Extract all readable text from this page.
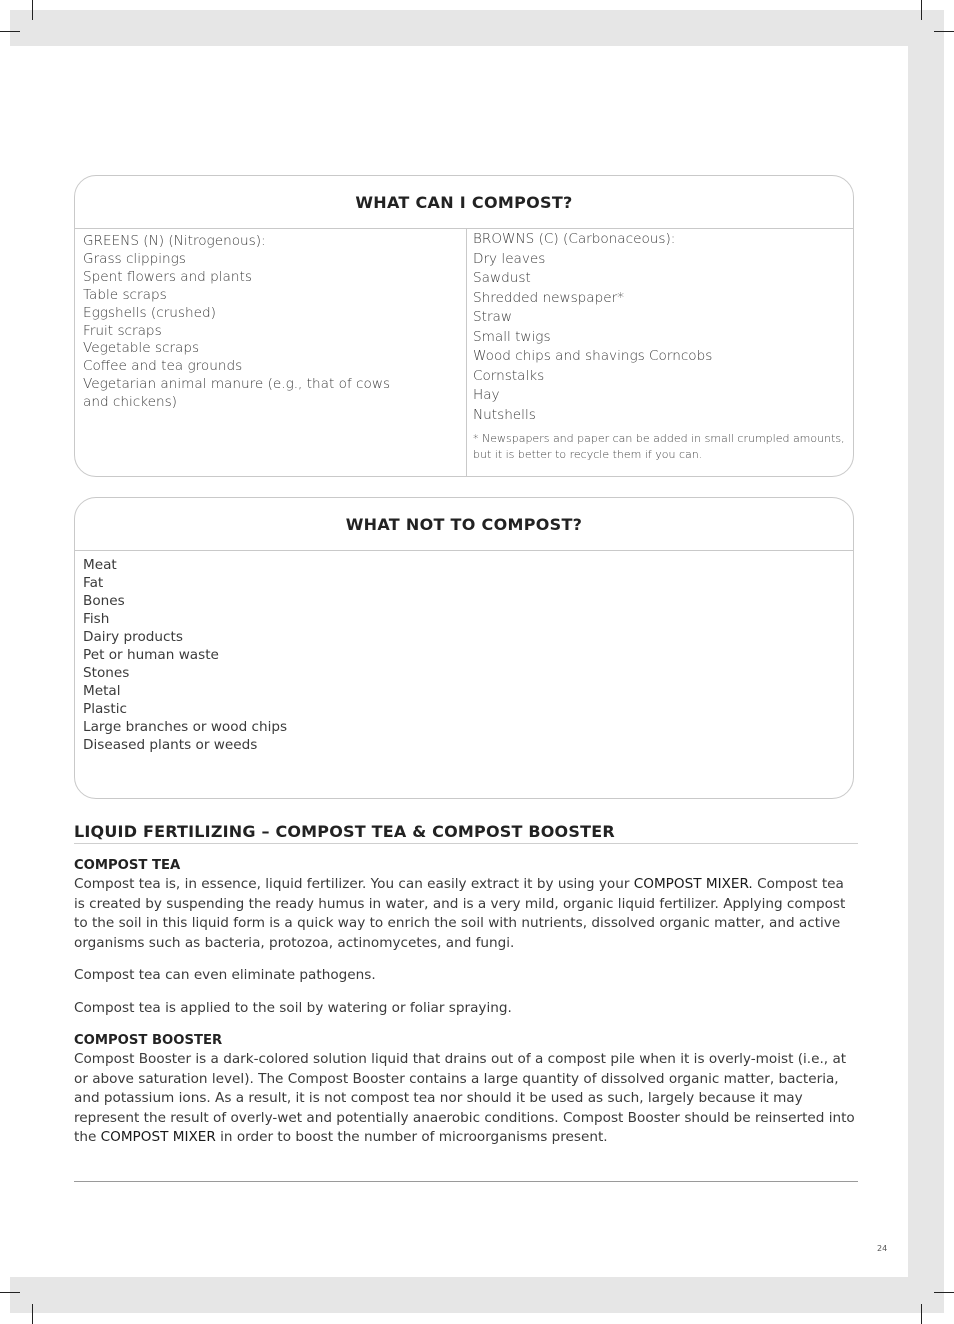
WHAT CAN I COMPOST?
GREENS (N) (Nitrogenous):
Grass clippings
Spent flowers and plants
Table scraps
Eggshells (crushed)
Fruit scraps
Vegetable scraps
Coffee and tea grounds
Vegetarian animal manure (e.g., that of cows
and chickens)
BROWNS (C) (Carbonaceous):
Dry leaves
Sawdust
Shredded newspaper*
Straw
Small twigs
Wood chips and shavings Corncobs
Cornstalks
Hay
Nutshells
* Newspapers and paper can be added in small crumpled amounts,
but it is better to recycle them if you can.
WHAT NOT TO COMPOST?
Meat
Fat
Bones
Fish
Dairy products
Pet or human waste
Stones
Metal
Plastic
Large branches or wood chips
Diseased plants or weeds
LIQUID FERTILIZING – COMPOST TEA & COMPOST BOOSTER

COMPOST TEA

Compost tea is, in essence, liquid fertilizer. You can easily extract it by using your COMPOST MIXER. Compost tea is created by suspending the ready humus in water, and is a very mild, organic liquid fertilizer. Applying compost to the soil in this liquid form is a quick way to enrich the soil with nutrients, dissolved organic matter, and active organisms such as bacteria, protozoa, actinomycetes, and fungi.

Compost tea can even eliminate pathogens.

Compost tea is applied to the soil by watering or foliar spraying.

COMPOST BOOSTER

Compost Booster is a dark-colored solution liquid that drains out of a compost pile when it is overly-moist (i.e., at or above saturation level). The Compost Booster contains a large quantity of dissolved organic matter, bacteria, and potassium ions. As a result, it is not compost tea nor should it be used as such, largely because it may represent the result of overly-wet and potentially anaerobic conditions. Compost Booster should be reinserted into the COMPOST MIXER in order to boost the number of microorganisms present.

24
